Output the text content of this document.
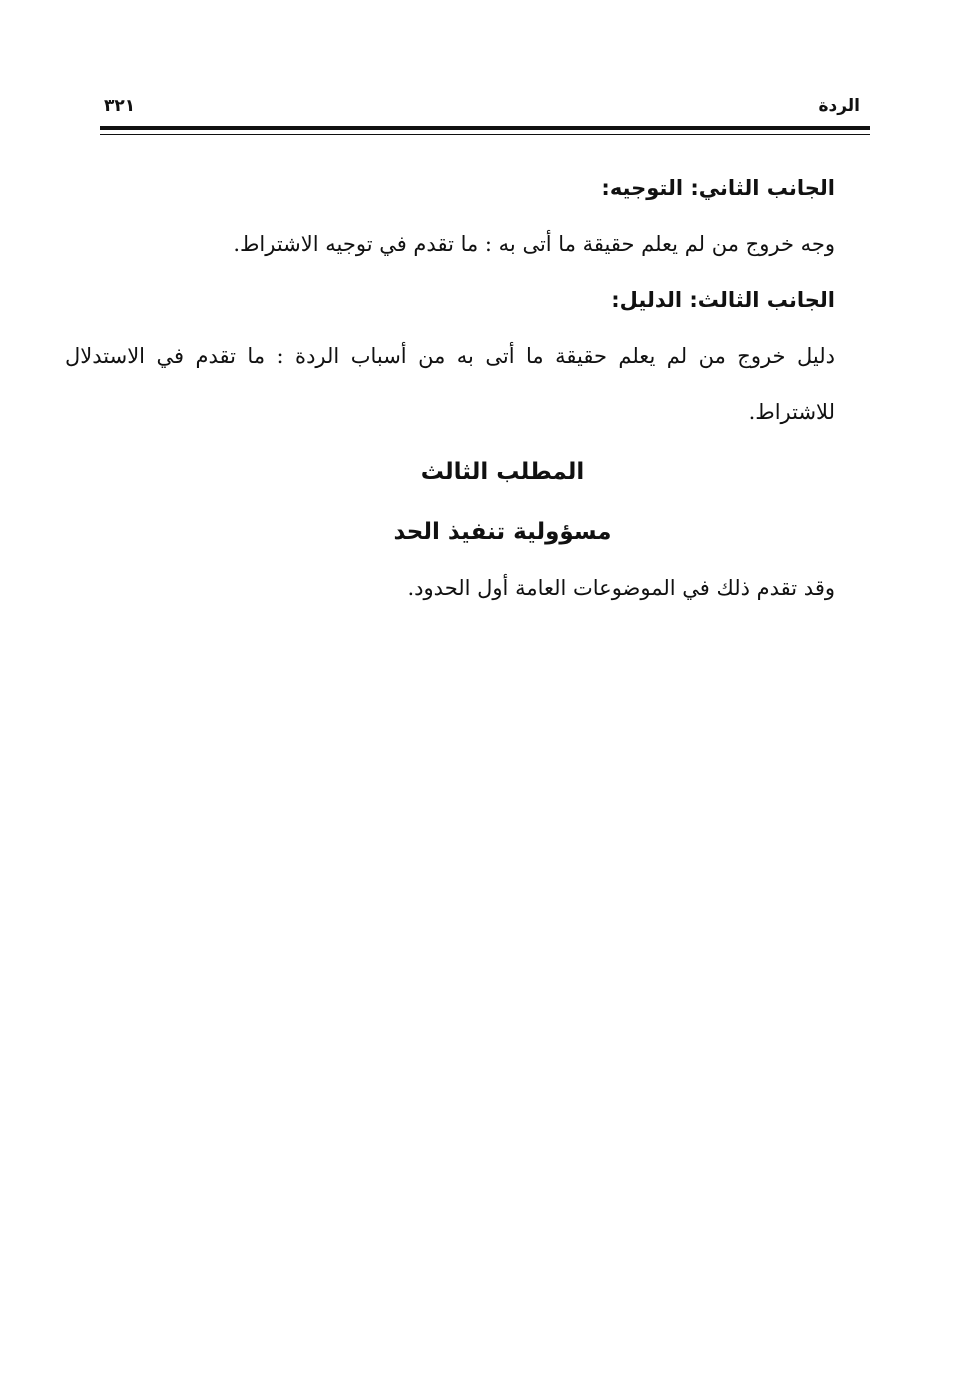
الردة
٣٢١

الجانب الثاني: التوجيه:

وجه خروج من لم يعلم حقيقة ما أتى به : ما تقدم في توجيه الاشتراط.

الجانب الثالث: الدليل:

دليل خروج من لم يعلم حقيقة ما أتى به من أسباب الردة : ما تقدم في الاستدلال للاشتراط.

المطلب الثالث

مسؤولية تنفيذ الحد

وقد تقدم ذلك في الموضوعات العامة أول الحدود.
